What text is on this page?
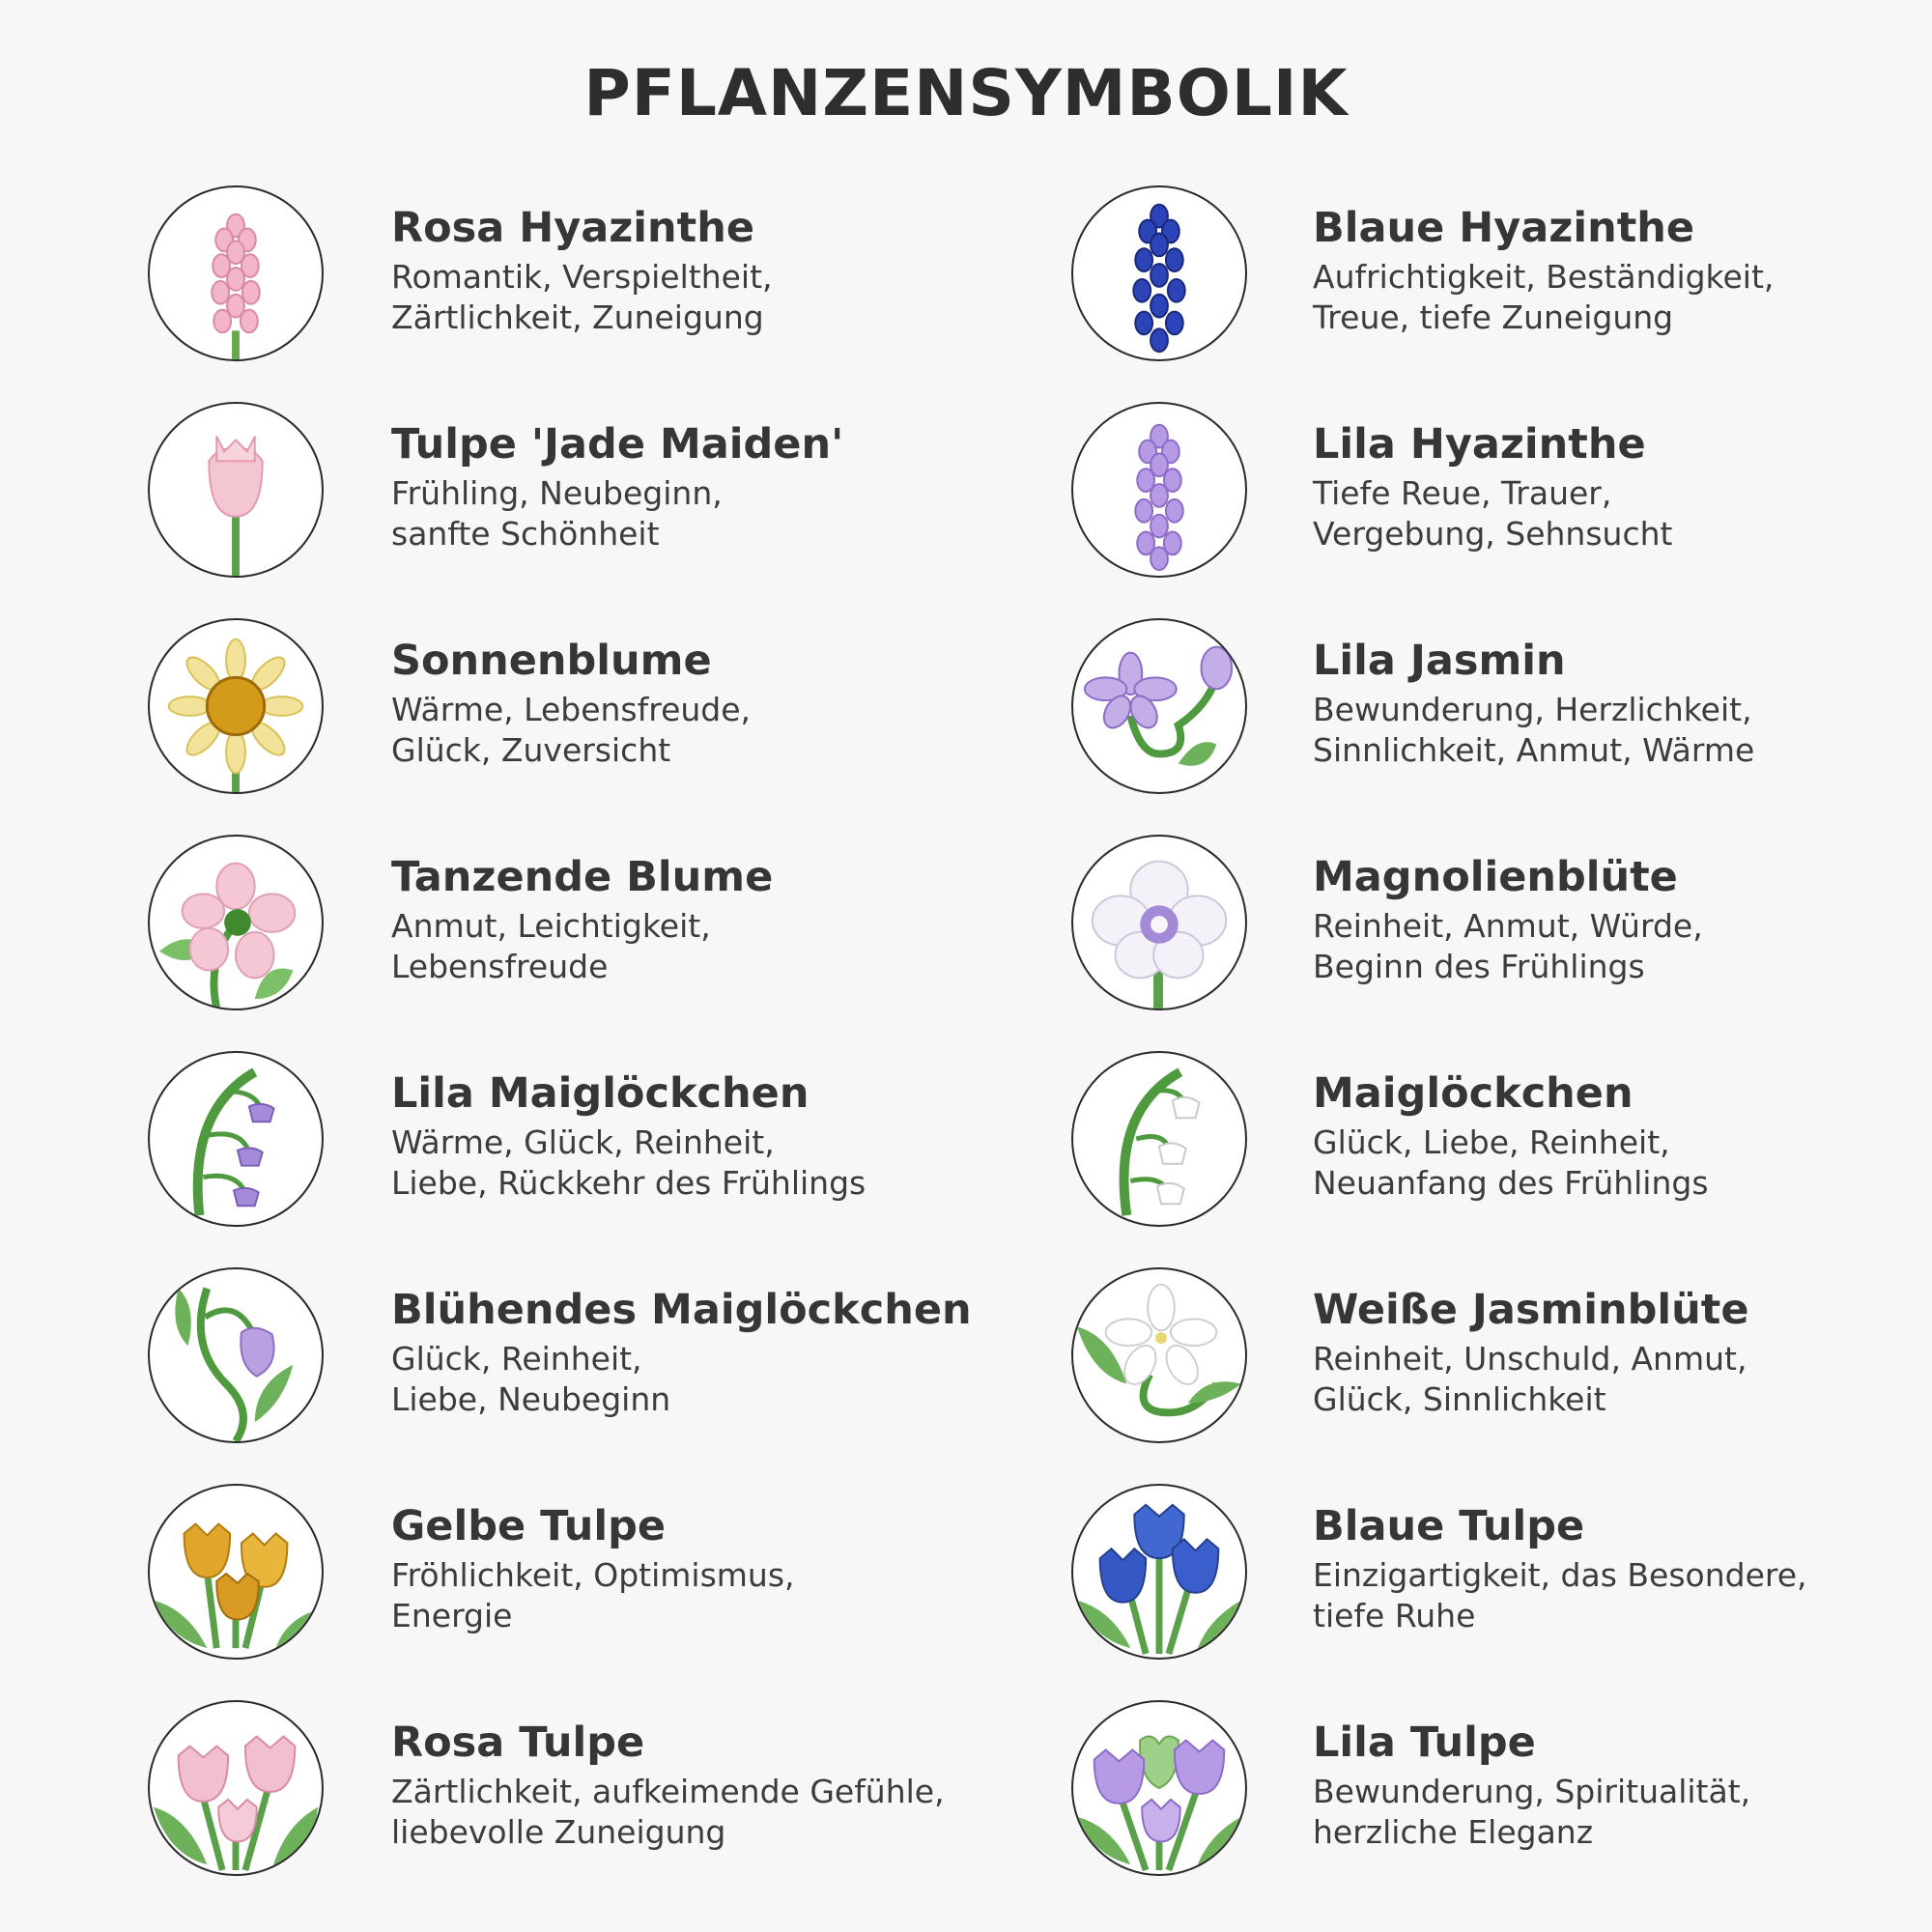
PFLANZENSYMBOLIK
Rosa Hyazinthe
Romantik, Verspieltheit,
Zärtlichkeit, Zuneigung
Tulpe 'Jade Maiden'
Frühling, Neubeginn,
sanfte Schönheit
Sonnenblume
Wärme, Lebensfreude,
Glück, Zuversicht
Tanzende Blume
Anmut, Leichtigkeit,
Lebensfreude
Lila Maiglöckchen
Wärme, Glück, Reinheit,
Liebe, Rückkehr des Frühlings
Blühendes Maiglöckchen
Glück, Reinheit,
Liebe, Neubeginn
Gelbe Tulpe
Fröhlichkeit, Optimismus,
Energie
Rosa Tulpe
Zärtlichkeit, aufkeimende Gefühle,
liebevolle Zuneigung
Blaue Hyazinthe
Aufrichtigkeit, Beständigkeit,
Treue, tiefe Zuneigung
Lila Hyazinthe
Tiefe Reue, Trauer,
Vergebung, Sehnsucht
Lila Jasmin
Bewunderung, Herzlichkeit,
Sinnlichkeit, Anmut, Wärme
Magnolienblüte
Reinheit, Anmut, Würde,
Beginn des Frühlings
Maiglöckchen
Glück, Liebe, Reinheit,
Neuanfang des Frühlings
Weiße Jasminblüte
Reinheit, Unschuld, Anmut,
Glück, Sinnlichkeit
Blaue Tulpe
Einzigartigkeit, das Besondere,
tiefe Ruhe
Lila Tulpe
Bewunderung, Spiritualität,
herzliche Eleganz
